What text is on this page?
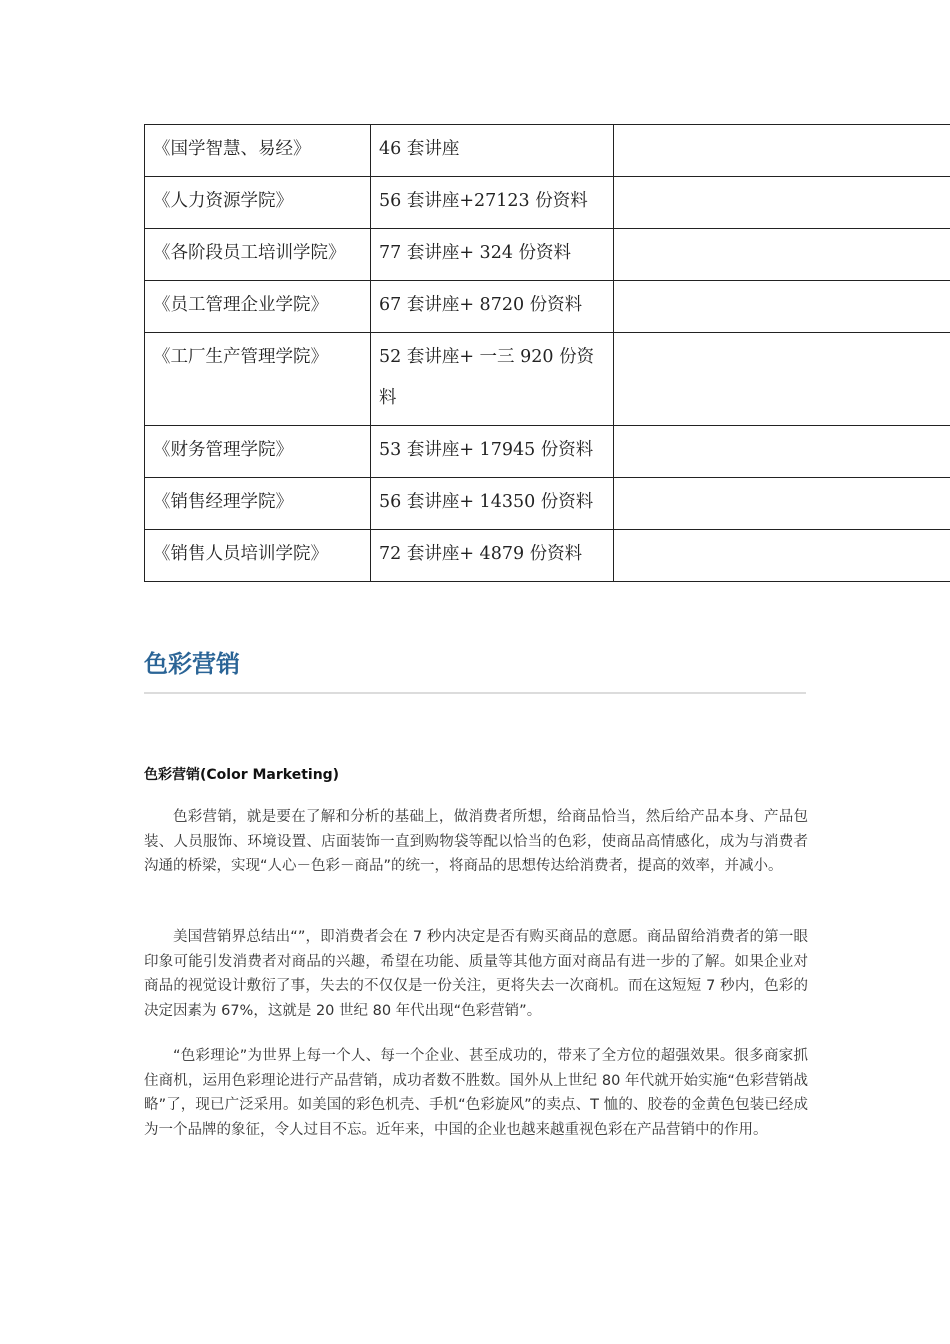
《国学智慧、易经》	46 套讲座	
《人力资源学院》	56 套讲座+27123 份资料	
《各阶段员工培训学院》	77 套讲座+ 324 份资料	
《员工管理企业学院》	67 套讲座+ 8720 份资料	
《工厂生产管理学院》	52 套讲座+ 一三 920 份资料	
《财务管理学院》	53 套讲座+ 17945 份资料	
《销售经理学院》	56 套讲座+ 14350 份资料	
《销售人员培训学院》	72 套讲座+ 4879 份资料	
色彩营销
色彩营销(Color Marketing)

色彩营销，就是要在了解和分析的基础上，做消费者所想，给商品恰当，然后给产品本身、产品包装、人员服饰、环境设置、店面装饰一直到购物袋等配以恰当的色彩，使商品高情感化，成为与消费者沟通的桥梁，实现“人心－色彩－商品”的统一，将商品的思想传达给消费者，提高的效率，并减小。

美国营销界总结出“”，即消费者会在 7 秒内决定是否有购买商品的意愿。商品留给消费者的第一眼印象可能引发消费者对商品的兴趣，希望在功能、质量等其他方面对商品有进一步的了解。如果企业对商品的视觉设计敷衍了事，失去的不仅仅是一份关注，更将失去一次商机。而在这短短 7 秒内，色彩的决定因素为 67%，这就是 20 世纪 80 年代出现“色彩营销”。

“色彩理论”为世界上每一个人、每一个企业、甚至成功的，带来了全方位的超强效果。很多商家抓住商机，运用色彩理论进行产品营销，成功者数不胜数。国外从上世纪 80 年代就开始实施“色彩营销战略”了，现已广泛采用。如美国的彩色机壳、手机“色彩旋风”的卖点、T 恤的、胶卷的金黄色包装已经成为一个品牌的象征，令人过目不忘。近年来，中国的企业也越来越重视色彩在产品营销中的作用。
